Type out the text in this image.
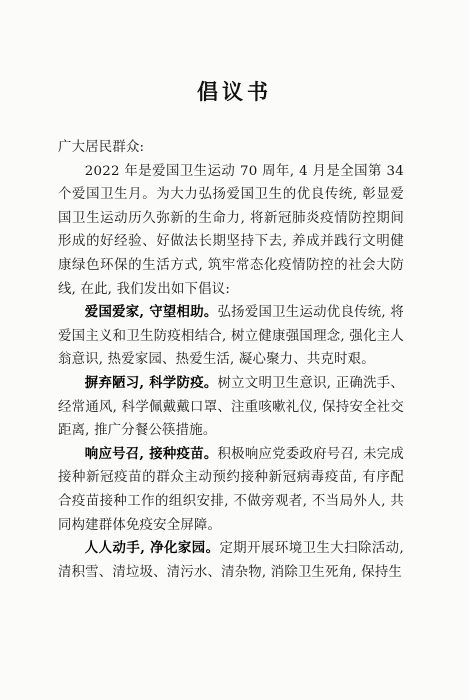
倡议书

广大居民群众:

2022 年是爱国卫生运动 70 周年, 4 月是全国第 34 个爱国卫生月。为大力弘扬爱国卫生的优良传统, 彰显爱国卫生运动历久弥新的生命力, 将新冠肺炎疫情防控期间形成的好经验、好做法长期坚持下去, 养成并践行文明健康绿色环保的生活方式, 筑牢常态化疫情防控的社会大防线, 在此, 我们发出如下倡议:

爱国爱家, 守望相助。弘扬爱国卫生运动优良传统, 将爱国主义和卫生防疫相结合, 树立健康强国理念, 强化主人翁意识, 热爱家园、热爱生活, 凝心聚力、共克时艰。

摒弃陋习, 科学防疫。树立文明卫生意识, 正确洗手、经常通风, 科学佩戴戴口罩、注重咳嗽礼仪, 保持安全社交距离, 推广分餐公筷措施。

响应号召, 接种疫苗。积极响应党委政府号召, 未完成接种新冠疫苗的群众主动预约接种新冠病毒疫苗, 有序配合疫苗接种工作的组织安排, 不做旁观者, 不当局外人, 共同构建群体免疫安全屏障。

人人动手, 净化家园。定期开展环境卫生大扫除活动, 清积雪、清垃圾、清污水、清杂物, 消除卫生死角, 保持生
